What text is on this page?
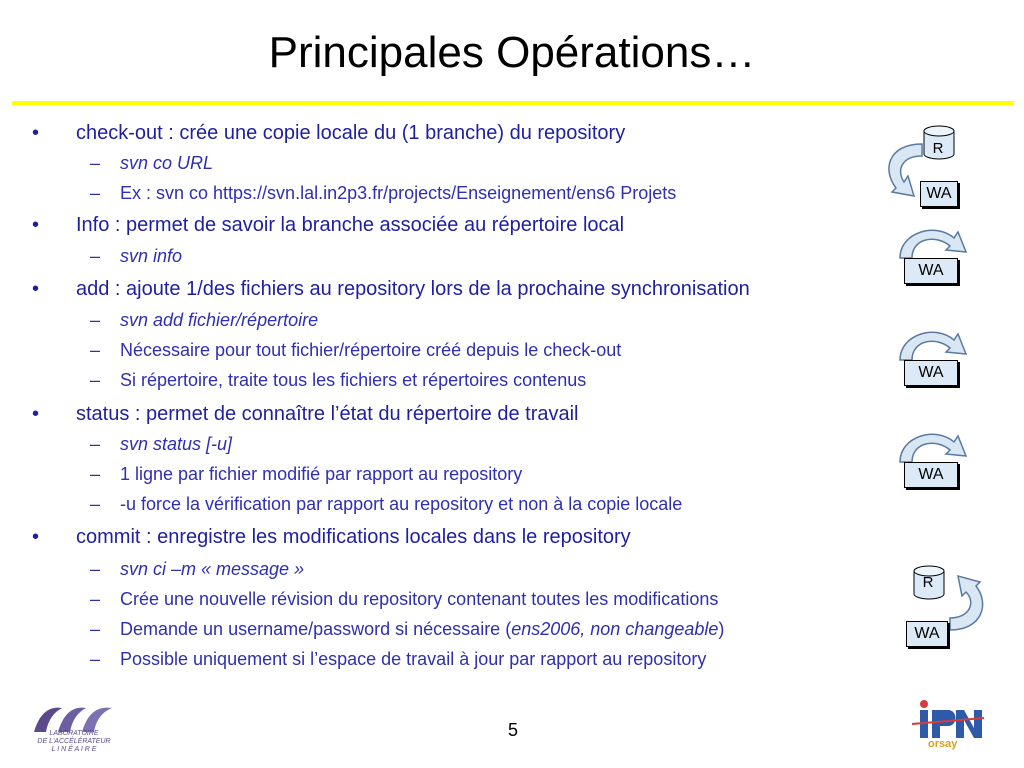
Principales Opérations…
• check-out : crée une copie locale du (1 branche) du repository
– svn co URL
– Ex : svn co https://svn.lal.in2p3.fr/projects/Enseignement/ens6 Projets
• Info : permet de savoir la branche associée au répertoire local
– svn info
• add : ajoute 1/des fichiers au repository lors de la prochaine synchronisation
– svn add fichier/répertoire
– Nécessaire pour tout fichier/répertoire créé depuis le check-out
– Si répertoire, traite tous les fichiers et répertoires contenus
• status : permet de connaître l’état du répertoire de travail
– svn status [-u]
– 1 ligne par fichier modifié par rapport au repository
– -u force la vérification par rapport au repository et non à la copie locale
• commit : enregistre les modifications locales dans le repository
– svn ci –m « message »
– Crée une nouvelle révision du repository contenant toutes les modifications
– Demande un username/password si nécessaire (ens2006, non changeable)
– Possible uniquement si l’espace de travail à jour par rapport au repository
R
WA
WA
WA
WA
R
WA
LABORATOIRE
DE L'ACCÉLÉRATEUR
L I N É A I R E
5
orsay
